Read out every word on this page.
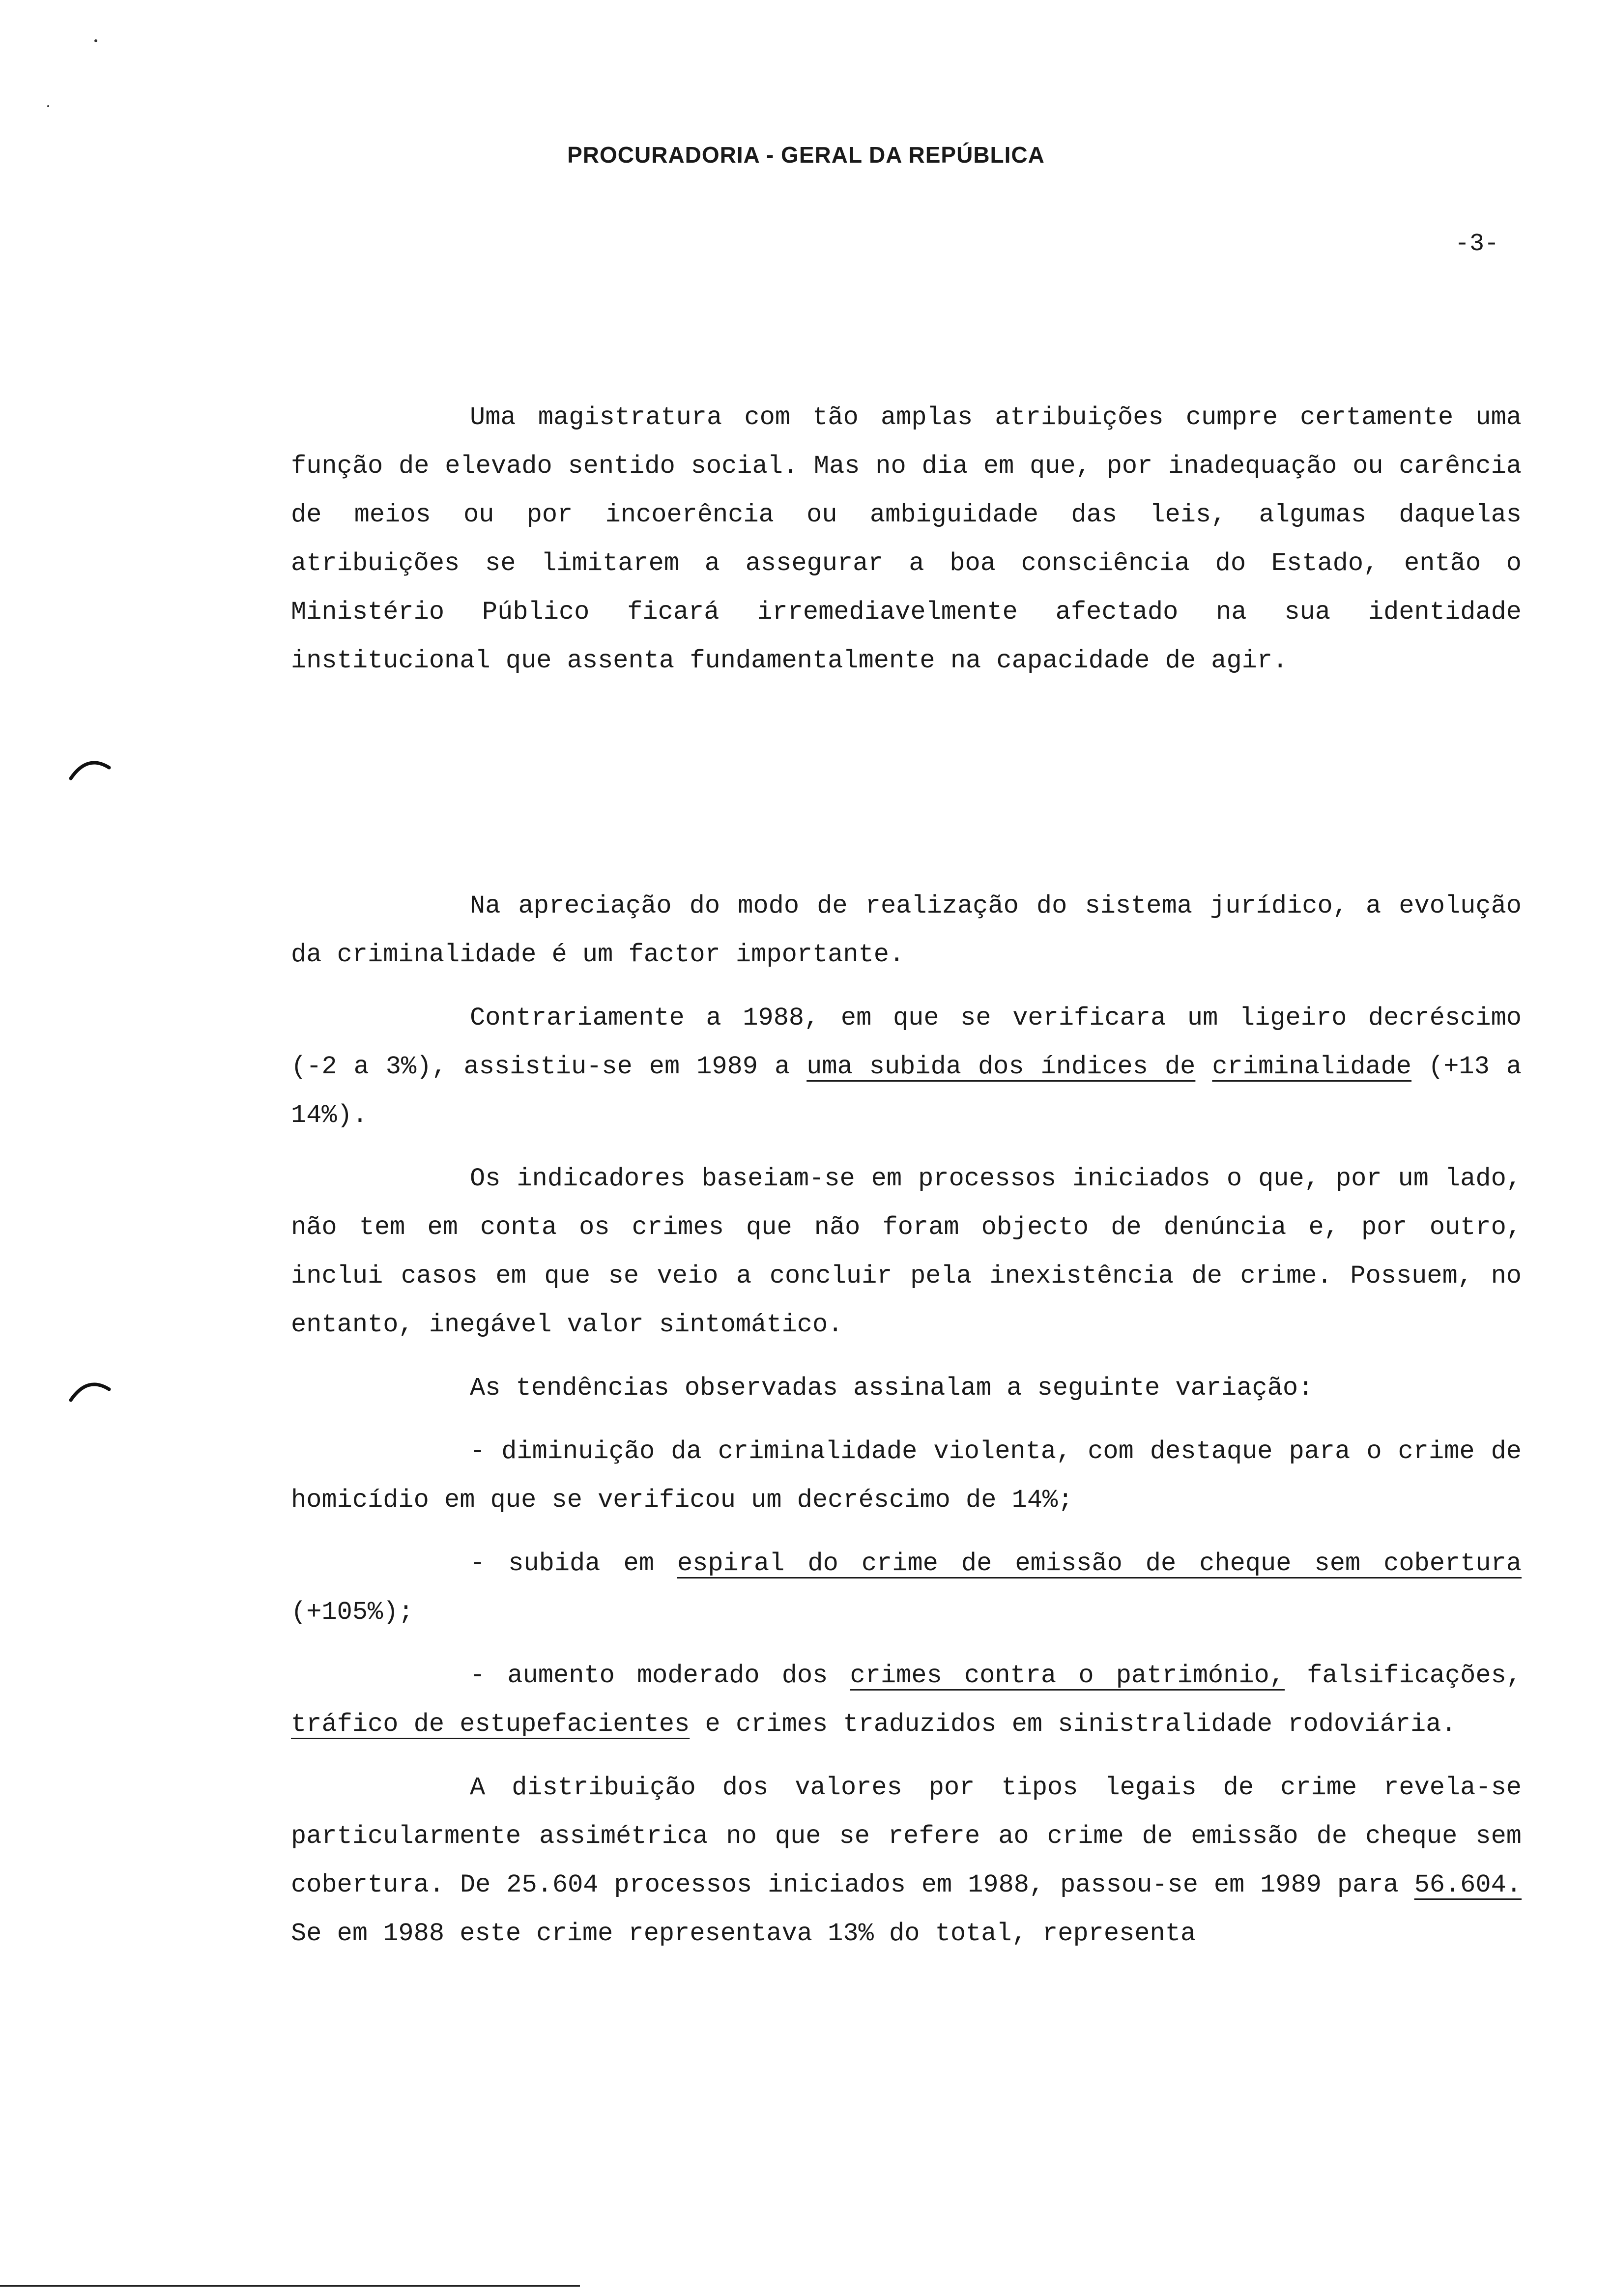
PROCURADORIA - GERAL DA REPÚBLICA
-3-

Uma magistratura com tão amplas atribuições cumpre certamente uma função de elevado sentido social. Mas no dia em que, por inadequação ou carência de meios ou por incoerência ou ambiguidade das leis, algumas daquelas atribuições se limitarem a assegurar a boa consciência do Estado, então o Ministério Público ficará irremediavelmente afectado na sua identidade institucional que assenta fundamentalmente na capacidade de agir.

Na apreciação do modo de realização do sistema jurídico, a evolução da criminalidade é um factor importante.

Contrariamente a 1988, em que se verificara um ligeiro decréscimo (-2 a 3%), assistiu-se em 1989 a uma subida dos índices de criminalidade (+13 a 14%).

Os indicadores baseiam-se em processos iniciados o que, por um lado, não tem em conta os crimes que não foram objecto de denúncia e, por outro, inclui casos em que se veio a concluir pela inexistência de crime. Possuem, no entanto, inegável valor sintomático.

As tendências observadas assinalam a seguinte variação:

- diminuição da criminalidade violenta, com destaque para o crime de homicídio em que se verificou um decréscimo de 14%;

- subida em espiral do crime de emissão de cheque sem cobertura (+105%);

- aumento moderado dos crimes contra o património, falsificações, tráfico de estupefacientes e crimes traduzidos em sinistralidade rodoviária.

A distribuição dos valores por tipos legais de crime revela-se particularmente assimétrica no que se refere ao crime de emissão de cheque sem cobertura. De 25.604 processos iniciados em 1988, passou-se em 1989 para 56.604. Se em 1988 este crime representava 13% do total, representa
